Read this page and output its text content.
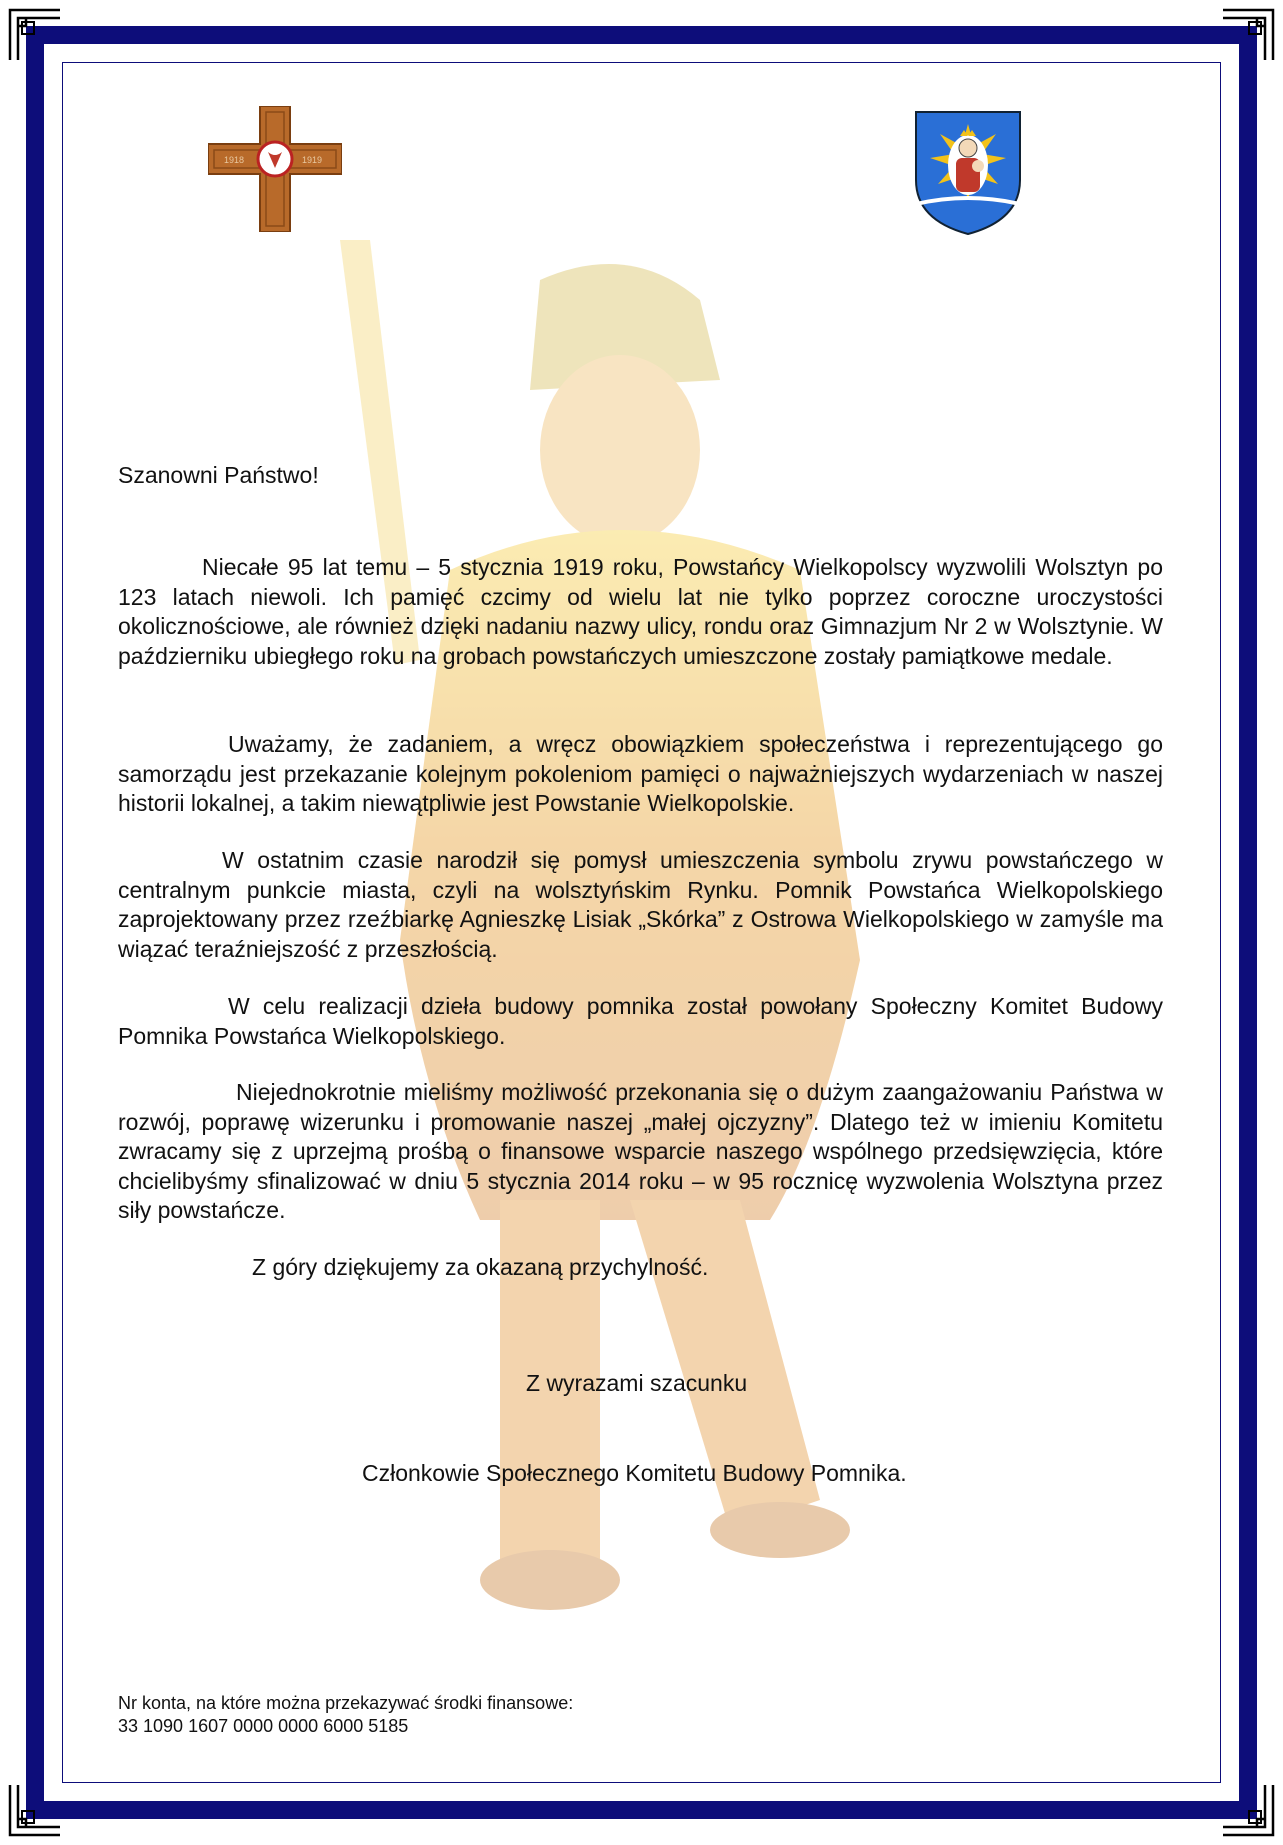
1918	1919
Szanowni Państwo!
Niecałe 95 lat temu – 5 stycznia 1919 roku, Powstańcy Wielkopolscy wyzwolili Wolsztyn po 123 latach niewoli. Ich pamięć czcimy od wielu lat nie tylko poprzez coroczne uroczystości okolicznościowe, ale również dzięki nadaniu nazwy ulicy, rondu oraz Gimnazjum Nr 2 w Wolsztynie. W październiku ubiegłego roku na grobach powstańczych umieszczone zostały pamiątkowe medale.
Uważamy, że zadaniem, a wręcz obowiązkiem społeczeństwa i reprezentującego go samorządu jest przekazanie kolejnym pokoleniom pamięci o najważniejszych wydarzeniach w naszej historii lokalnej, a takim niewątpliwie jest Powstanie Wielkopolskie.
W ostatnim czasie narodził się pomysł umieszczenia symbolu zrywu powstańczego w centralnym punkcie miasta, czyli na wolsztyńskim Rynku. Pomnik Powstańca Wielkopolskiego zaprojektowany przez rzeźbiarkę Agnieszkę Lisiak „Skórka” z Ostrowa Wielkopolskiego w zamyśle ma wiązać teraźniejszość z przeszłością.
W celu realizacji dzieła budowy pomnika został powołany Społeczny Komitet Budowy Pomnika Powstańca Wielkopolskiego.
Niejednokrotnie mieliśmy możliwość przekonania się o dużym zaangażowaniu Państwa w rozwój, poprawę wizerunku i promowanie naszej „małej ojczyzny”. Dlatego też w imieniu Komitetu zwracamy się z uprzejmą prośbą o finansowe wsparcie naszego wspólnego przedsięwzięcia, które chcielibyśmy sfinalizować w dniu 5 stycznia 2014 roku – w 95 rocznicę wyzwolenia Wolsztyna przez siły powstańcze.
Z góry dziękujemy za okazaną przychylność.
Z wyrazami szacunku
Członkowie Społecznego Komitetu Budowy Pomnika.
Nr konta, na które można przekazywać środki finansowe:
33 1090 1607 0000 0000 6000 5185
